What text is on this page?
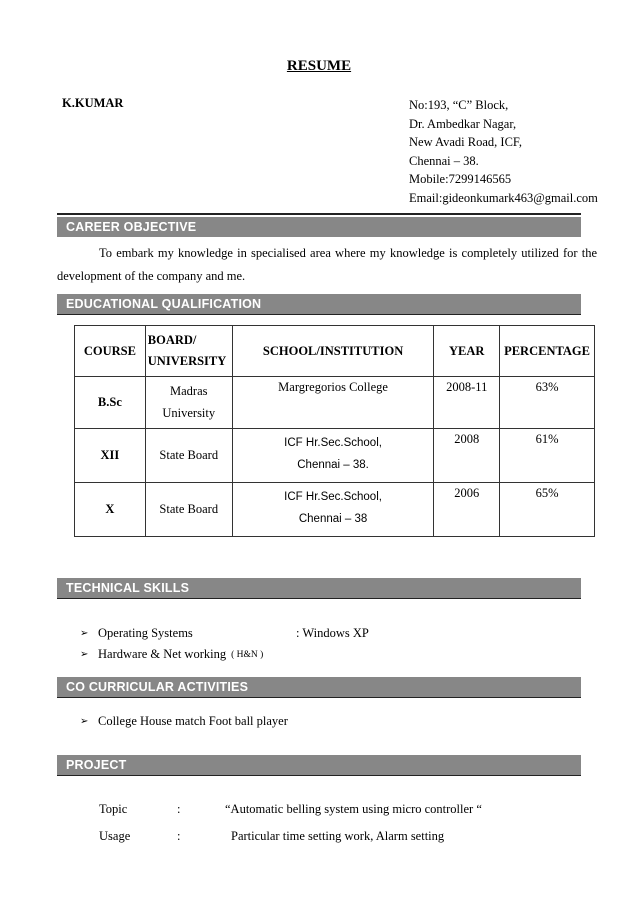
RESUME
K.KUMAR	No:193, “C” Block,
Dr. Ambedkar Nagar,
New Avadi Road, ICF,
Chennai – 38.
Mobile:7299146565
Email:gideonkumark463@gmail.com
CAREER OBJECTIVE
To embark my knowledge in specialised area where my knowledge is completely utilized for the development of the company and me.
EDUCATIONAL QUALIFICATION
COURSE	BOARD/ UNIVERSITY	SCHOOL/INSTITUTION	YEAR	PERCENTAGE
B.Sc	Madras University	Margregorios College	2008-11	63%
XII	State Board	ICF Hr.Sec.School, Chennai – 38.	2008	61%
X	State Board	ICF Hr.Sec.School, Chennai – 38	2006	65%
TECHNICAL SKILLS
➢ Operating Systems	: Windows XP
➢ Hardware & Net working ( H&N )
CO CURRICULAR ACTIVITIES
➢ College House match Foot ball player
PROJECT
Topic	:	“Automatic belling system using micro controller “
Usage	:	Particular time setting work, Alarm setting
